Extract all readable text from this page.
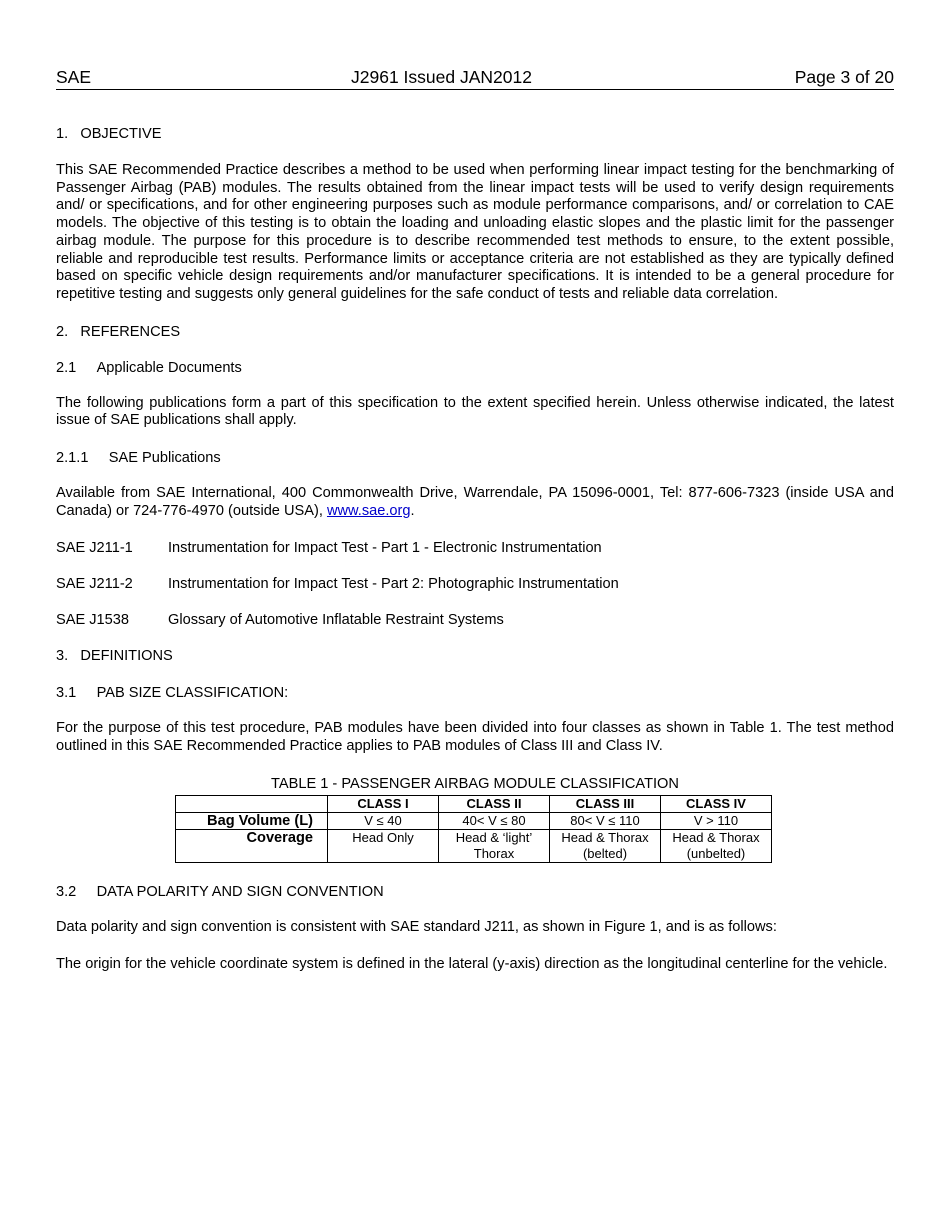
SAE	J2961 Issued JAN2012	Page 3 of 20
1. OBJECTIVE

This SAE Recommended Practice describes a method to be used when performing linear impact testing for the benchmarking of Passenger Airbag (PAB) modules. The results obtained from the linear impact tests will be used to verify design requirements and/ or specifications, and for other engineering purposes such as module performance comparisons, and/ or correlation to CAE models. The objective of this testing is to obtain the loading and unloading elastic slopes and the plastic limit for the passenger airbag module. The purpose for this procedure is to describe recommended test methods to ensure, to the extent possible, reliable and reproducible test results. Performance limits or acceptance criteria are not established as they are typically defined based on specific vehicle design requirements and/or manufacturer specifications. It is intended to be a general procedure for repetitive testing and suggests only general guidelines for the safe conduct of tests and reliable data correlation.

2. REFERENCES
2.1 Applicable Documents

The following publications form a part of this specification to the extent specified herein. Unless otherwise indicated, the latest issue of SAE publications shall apply.

2.1.1 SAE Publications

Available from SAE International, 400 Commonwealth Drive, Warrendale, PA 15096-0001, Tel: 877-606-7323 (inside USA and Canada) or 724-776-4970 (outside USA), www.sae.org.

SAE J211-1	Instrumentation for Impact Test - Part 1 - Electronic Instrumentation
SAE J211-2	Instrumentation for Impact Test - Part 2: Photographic Instrumentation
SAE J1538	Glossary of Automotive Inflatable Restraint Systems
3. DEFINITIONS
3.1 PAB SIZE CLASSIFICATION:

For the purpose of this test procedure, PAB modules have been divided into four classes as shown in Table 1. The test method outlined in this SAE Recommended Practice applies to PAB modules of Class III and Class IV.

TABLE 1 - PASSENGER AIRBAG MODULE CLASSIFICATION
	CLASS I	CLASS II	CLASS III	CLASS IV
Bag Volume (L)	V ≤ 40	40< V ≤ 80	80< V ≤ 110	V > 110
Coverage	Head Only	Head & ‘light’ Thorax	Head & Thorax (belted)	Head & Thorax (unbelted)
3.2 DATA POLARITY AND SIGN CONVENTION

Data polarity and sign convention is consistent with SAE standard J211, as shown in Figure 1, and is as follows:

The origin for the vehicle coordinate system is defined in the lateral (y-axis) direction as the longitudinal centerline for the vehicle.
